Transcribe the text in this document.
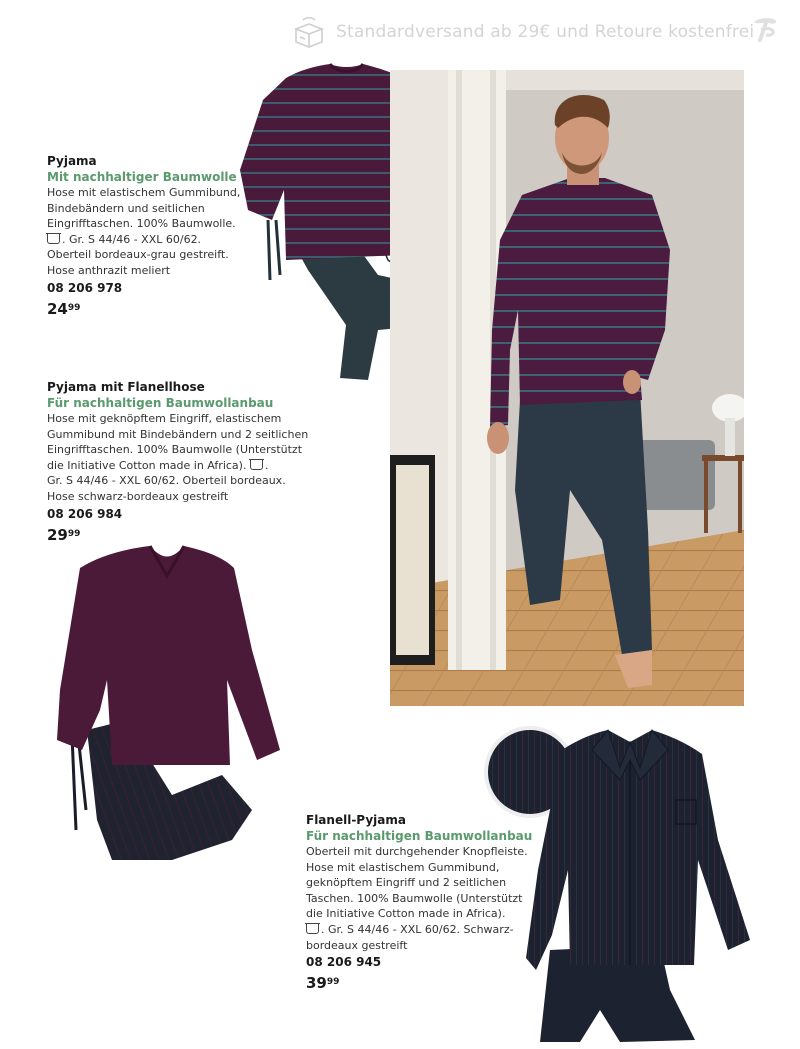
Standardversand ab 29€ und Retoure kostenfrei
Pyjama
Mit nachhaltiger Baumwolle
Hose mit elastischem Gummibund,
Bindebändern und seitlichen
Eingrifftaschen. 100% Baumwolle.
. Gr. S 44/46 - XXL 60/62.
Oberteil bordeaux-grau gestreift.
Hose anthrazit meliert
08 206 978
$24^{99}$
Pyjama mit Flanellhose
Für nachhaltigen Baumwollanbau
Hose mit geknöpftem Eingriff, elastischem
Gummibund mit Bindebändern und 2 seitlichen
Eingrifftaschen. 100% Baumwolle (Unterstützt
die Initiative Cotton made in Africa). .
Gr. S 44/46 - XXL 60/62. Oberteil bordeaux.
Hose schwarz-bordeaux gestreift
08 206 984
$29^{99}$
Flanell-Pyjama
Für nachhaltigen Baumwollanbau
Oberteil mit durchgehender Knopfleiste.
Hose mit elastischem Gummibund,
geknöpftem Eingriff und 2 seitlichen
Taschen. 100% Baumwolle (Unterstützt
die Initiative Cotton made in Africa).
. Gr. S 44/46 - XXL 60/62. Schwarz-
bordeaux gestreift
08 206 945
$39^{99}$
